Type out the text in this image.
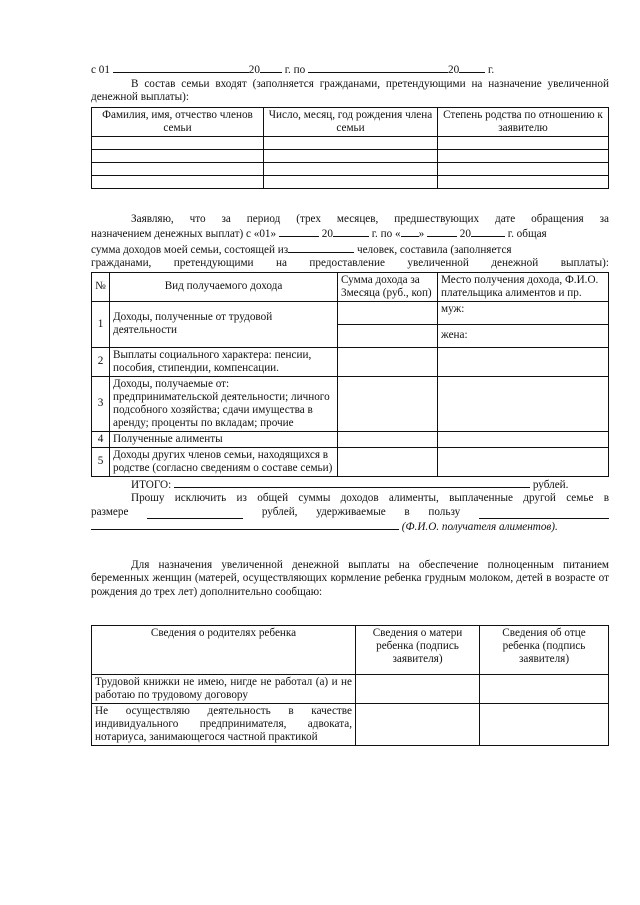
с 01	20 г. по	20	г.
В состав семьи входят (заполняется гражданами, претендующими на назначение увеличенной денежной выплаты):
Фамилия, имя, отчество членов семьи	Число, месяц, год рождения члена семьи	Степень родства по отношению к заявителю

Заявляю, что за период (трех месяцев, предшествующих дате обращения за
назначением денежных выплат) с «01»	20	г. по « »	20	г. общая
сумма доходов моей семьи, состоящей из	человек, составила (заполняется
гражданами, претендующими на предоставление увеличенной денежной выплаты):
№	Вид получаемого дохода	Сумма дохода за 3месяца (руб., коп)	Место получения дохода, Ф.И.О. плательщика алиментов и пр.
1	Доходы, полученные от трудовой деятельности		муж:
			жена:
2	Выплаты социального характера: пенсии, пособия, стипендии, компенсации.		
3	Доходы, получаемые от: предпринимательской деятельности; личного подсобного хозяйства; сдачи имущества в аренду; проценты по вкладам; прочие		
4	Полученные алименты		
5	Доходы других членов семьи, находящихся в родстве (согласно сведениям о составе семьи)		
ИТОГО:	рублей.
Прошу исключить из общей суммы доходов алименты, выплаченные другой семье в
размере	рублей, удерживаемые в пользу
(Ф.И.О. получателя алиментов).
Для назначения увеличенной денежной выплаты на обеспечение полноценным питанием беременных женщин (матерей, осуществляющих кормление ребенка грудным молоком, детей в возрасте от рождения до трех лет) дополнительно сообщаю:
Сведения о родителях ребенка	Сведения о матери ребенка (подпись заявителя)	Сведения об отце ребенка (подпись заявителя)
Трудовой книжки не имею, нигде не работал (а) и не работаю по трудовому договору		
Не осуществляю деятельность в качестве индивидуального предпринимателя, адвоката, нотариуса, занимающегося частной практикой		
